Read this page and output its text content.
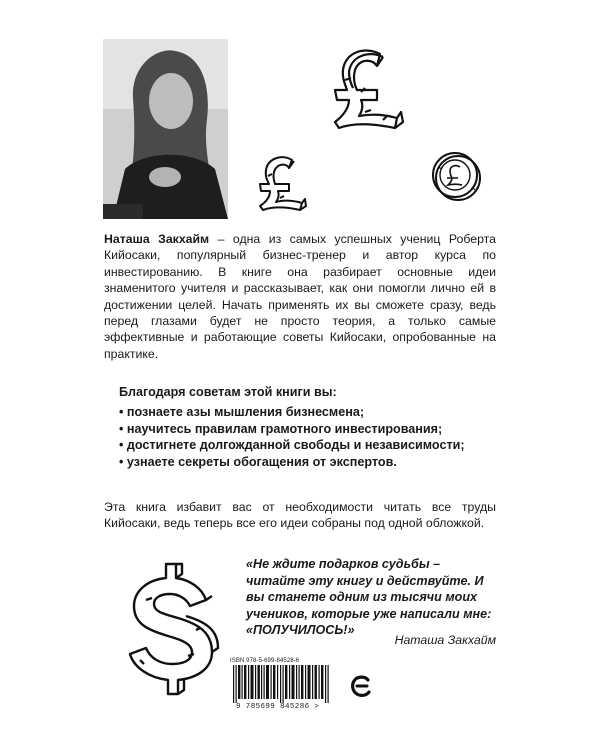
Наташа Закхайм – одна из самых успешных учениц Роберта Кийосаки, популярный бизнес-тренер и автор курса по инвестированию. В книге она разбирает основные идеи знаменитого учителя и рассказывает, как они помогли лично ей в достижении целей. Начать применять их вы сможете сразу, ведь перед глазами будет не просто теория, а только самые эффективные и работающие советы Кийосаки, опробованные на практике.
Благодаря советам этой книги вы:
• познаете азы мышления бизнесмена;
• научитесь правилам грамотного инвестирования;
• достигнете долгожданной свободы и независимости;
• узнаете секреты обогащения от экспертов.
Эта книга избавит вас от необходимости читать все труды Кийосаки, ведь теперь все его идеи собраны под одной обложкой.
«Не ждите подарков судьбы – читайте эту книгу и действуйте. И вы станете одним из тысячи моих учеников, которые уже написали мне: «ПОЛУЧИЛОСЬ!»
Наташа Закхайм
ISBN 978-5-699-84528-6
9 785699 845286 >
